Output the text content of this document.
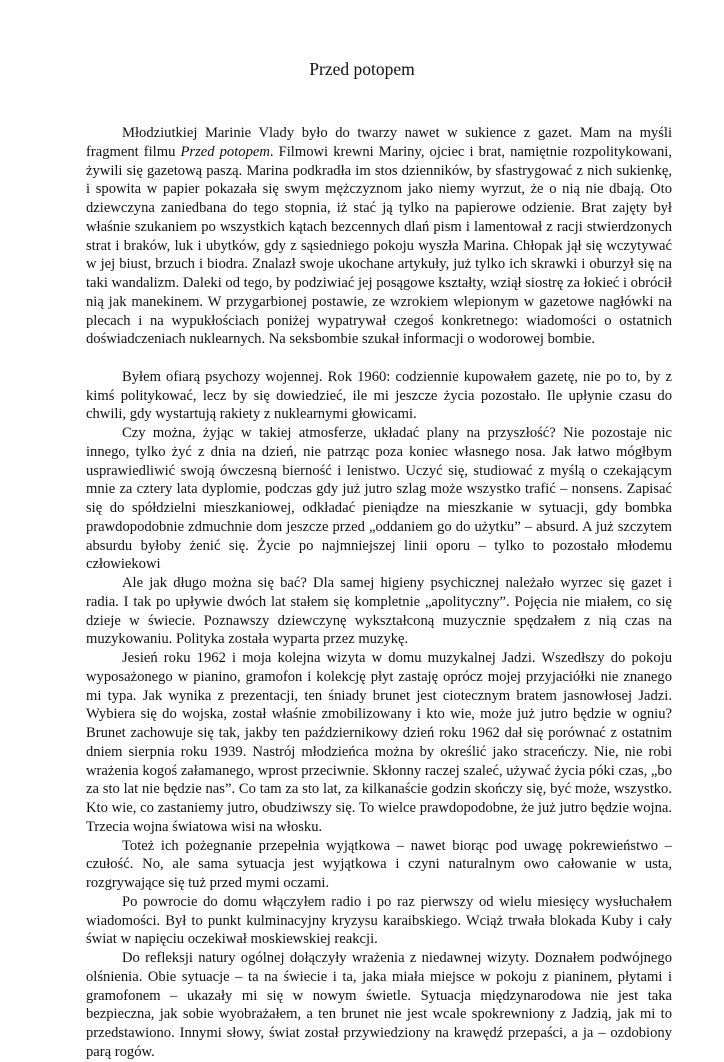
Przed potopem

Młodziutkiej Marinie Vlady było do twarzy nawet w sukience z gazet. Mam na myśli fragment filmu Przed potopem. Filmowi krewni Mariny, ojciec i brat, namiętnie rozpolitykowani, żywili się gazetową paszą. Marina podkradła im stos dzienników, by sfastrygować z nich sukienkę, i spowita w papier pokazała się swym mężczyznom jako niemy wyrzut, że o nią nie dbają. Oto dziewczyna zaniedbana do tego stopnia, iż stać ją tylko na papierowe odzienie. Brat zajęty był właśnie szukaniem po wszystkich kątach bezcennych dlań pism i lamentował z racji stwierdzonych strat i braków, luk i ubytków, gdy z sąsiedniego pokoju wyszła Marina. Chłopak jął się wczytywać w jej biust, brzuch i biodra. Znalazł swoje ukochane artykuły, już tylko ich skrawki i oburzył się na taki wandalizm. Daleki od tego, by podziwiać jej posągowe kształty, wziął siostrę za łokieć i obrócił nią jak manekinem. W przygarbionej postawie, ze wzrokiem wlepionym w gazetowe nagłówki na plecach i na wypukłościach poniżej wypatrywał czegoś konkretnego: wiadomości o ostatnich doświadczeniach nuklearnych. Na seksbombie szukał informacji o wodorowej bombie.

Byłem ofiarą psychozy wojennej. Rok 1960: codziennie kupowałem gazetę, nie po to, by z kimś politykować, lecz by się dowiedzieć, ile mi jeszcze życia pozostało. Ile upłynie czasu do chwili, gdy wystartują rakiety z nuklearnymi głowicami.

Czy można, żyjąc w takiej atmosferze, układać plany na przyszłość? Nie pozostaje nic innego, tylko żyć z dnia na dzień, nie patrząc poza koniec własnego nosa. Jak łatwo mógłbym usprawiedliwić swoją ówczesną bierność i lenistwo. Uczyć się, studiować z myślą o czekającym mnie za cztery lata dyplomie, podczas gdy już jutro szlag może wszystko trafić – nonsens. Zapisać się do spółdzielni mieszkaniowej, odkładać pieniądze na mieszkanie w sytuacji, gdy bombka prawdopodobnie zdmuchnie dom jeszcze przed „oddaniem go do użytku” – absurd. A już szczytem absurdu byłoby żenić się. Życie po najmniejszej linii oporu – tylko to pozostało młodemu człowiekowi

Ale jak długo można się bać? Dla samej higieny psychicznej należało wyrzec się gazet i radia. I tak po upływie dwóch lat stałem się kompletnie „apolityczny”. Pojęcia nie miałem, co się dzieje w świecie. Poznawszy dziewczynę wykształconą muzycznie spędzałem z nią czas na muzykowaniu. Polityka została wyparta przez muzykę.

Jesień roku 1962 i moja kolejna wizyta w domu muzykalnej Jadzi. Wszedłszy do pokoju wyposażonego w pianino, gramofon i kolekcję płyt zastaję oprócz mojej przyjaciółki nie znanego mi typa. Jak wynika z prezentacji, ten śniady brunet jest ciotecznym bratem jasnowłosej Jadzi. Wybiera się do wojska, został właśnie zmobilizowany i kto wie, może już jutro będzie w ogniu? Brunet zachowuje się tak, jakby ten październikowy dzień roku 1962 dał się porównać z ostatnim dniem sierpnia roku 1939. Nastrój młodzieńca można by określić jako straceńczy. Nie, nie robi wrażenia kogoś załamanego, wprost przeciwnie. Skłonny raczej szaleć, używać życia póki czas, „bo za sto lat nie będzie nas”. Co tam za sto lat, za kilkanaście godzin skończy się, być może, wszystko. Kto wie, co zastaniemy jutro, obudziwszy się. To wielce prawdopodobne, że już jutro będzie wojna. Trzecia wojna światowa wisi na włosku.

Toteż ich pożegnanie przepełnia wyjątkowa – nawet biorąc pod uwagę pokrewieństwo – czułość. No, ale sama sytuacja jest wyjątkowa i czyni naturalnym owo całowanie w usta, rozgrywające się tuż przed mymi oczami.

Po powrocie do domu włączyłem radio i po raz pierwszy od wielu miesięcy wysłuchałem wiadomości. Był to punkt kulminacyjny kryzysu karaibskiego. Wciąż trwała blokada Kuby i cały świat w napięciu oczekiwał moskiewskiej reakcji.

Do refleksji natury ogólnej dołączyły wrażenia z niedawnej wizyty. Doznałem podwójnego olśnienia. Obie sytuacje – ta na świecie i ta, jaka miała miejsce w pokoju z pianinem, płytami i gramofonem – ukazały mi się w nowym świetle. Sytuacja międzynarodowa nie jest taka bezpieczna, jak sobie wyobrażałem, a ten brunet nie jest wcale spokrewniony z Jadzią, jak mi to przedstawiono. Innymi słowy, świat został przywiedziony na krawędź przepaści, a ja – ozdobiony parą rogów.
